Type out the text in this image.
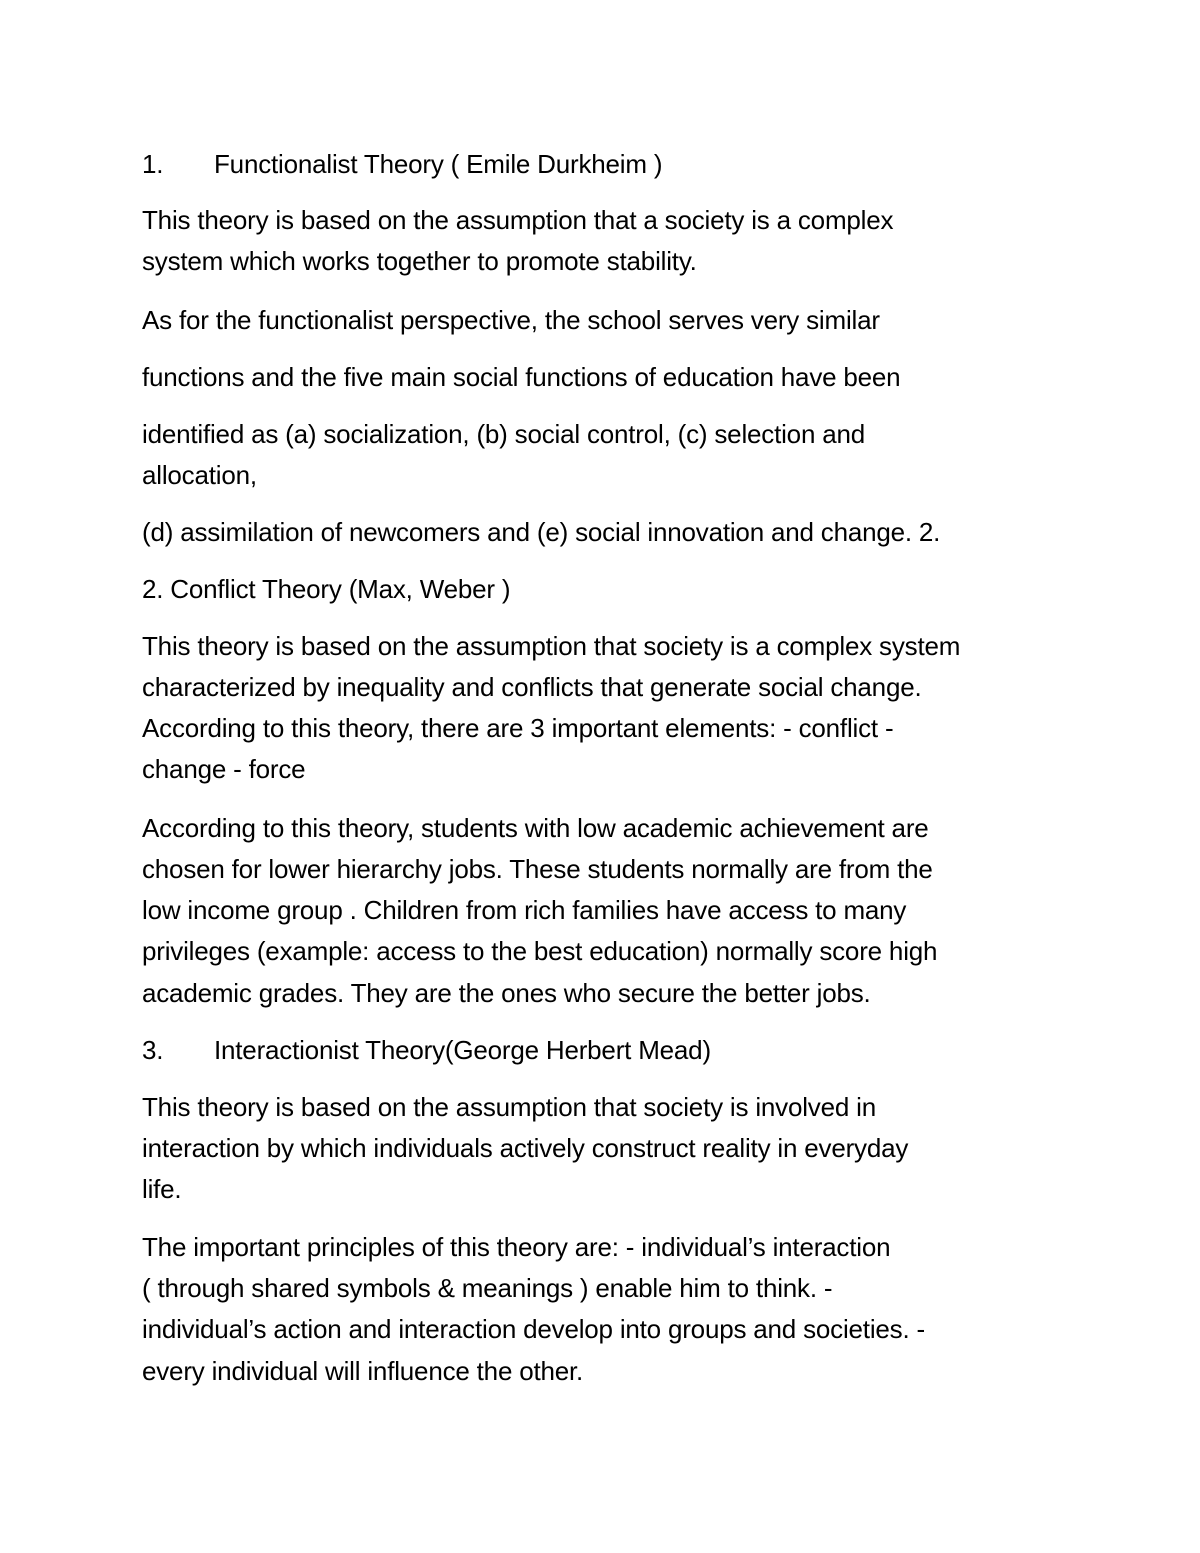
1. Functionalist Theory ( Emile Durkheim )
This theory is based on the assumption that a society is a complex
system which works together to promote stability.
As for the functionalist perspective, the school serves very similar
functions and the five main social functions of education have been
identified as (a) socialization, (b) social control, (c) selection and
allocation,
(d) assimilation of newcomers and (e) social innovation and change. 2.
2. Conflict Theory (Max, Weber )
This theory is based on the assumption that society is a complex system
characterized by inequality and conflicts that generate social change.
According to this theory, there are 3 important elements: - conflict -
change - force
According to this theory, students with low academic achievement are
chosen for lower hierarchy jobs. These students normally are from the
low income group . Children from rich families have access to many
privileges (example: access to the best education) normally score high
academic grades. They are the ones who secure the better jobs.
3. Interactionist Theory(George Herbert Mead)
This theory is based on the assumption that society is involved in
interaction by which individuals actively construct reality in everyday
life.
The important principles of this theory are: - individual’s interaction
( through shared symbols & meanings ) enable him to think. -
individual’s action and interaction develop into groups and societies. -
every individual will influence the other.
